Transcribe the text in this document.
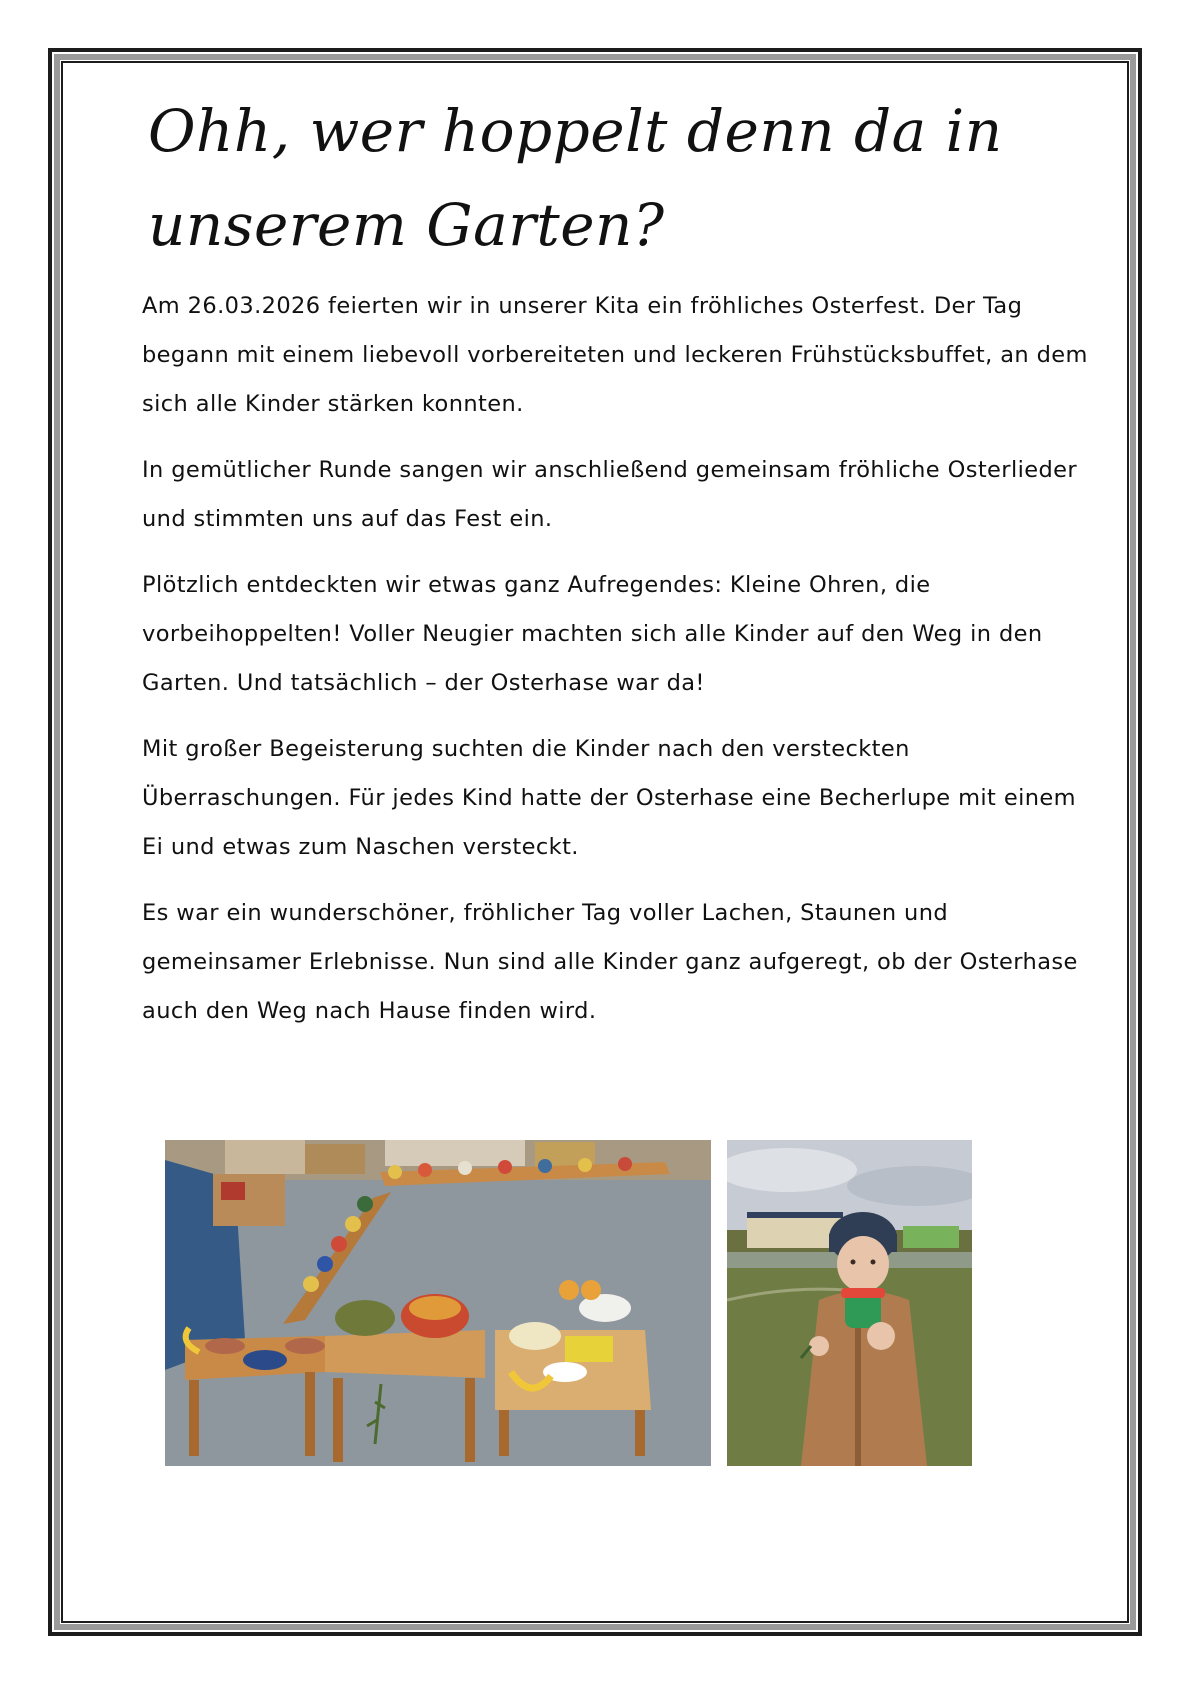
Ohh, wer hoppelt denn da in
unserem Garten?

Am 26.03.2026 feierten wir in unserer Kita ein fröhliches Osterfest. Der Tag begann mit einem liebevoll vorbereiteten und leckeren Frühstücksbuffet, an dem sich alle Kinder stärken konnten.

In gemütlicher Runde sangen wir anschließend gemeinsam fröhliche Osterlieder und stimmten uns auf das Fest ein.

Plötzlich entdeckten wir etwas ganz Aufregendes: Kleine Ohren, die vorbeihoppelten! Voller Neugier machten sich alle Kinder auf den Weg in den Garten. Und tatsächlich – der Osterhase war da!

Mit großer Begeisterung suchten die Kinder nach den versteckten Überraschungen. Für jedes Kind hatte der Osterhase eine Becherlupe mit einem Ei und etwas zum Naschen versteckt.

Es war ein wunderschöner, fröhlicher Tag voller Lachen, Staunen und gemeinsamer Erlebnisse. Nun sind alle Kinder ganz aufgeregt, ob der Osterhase auch den Weg nach Hause finden wird.
